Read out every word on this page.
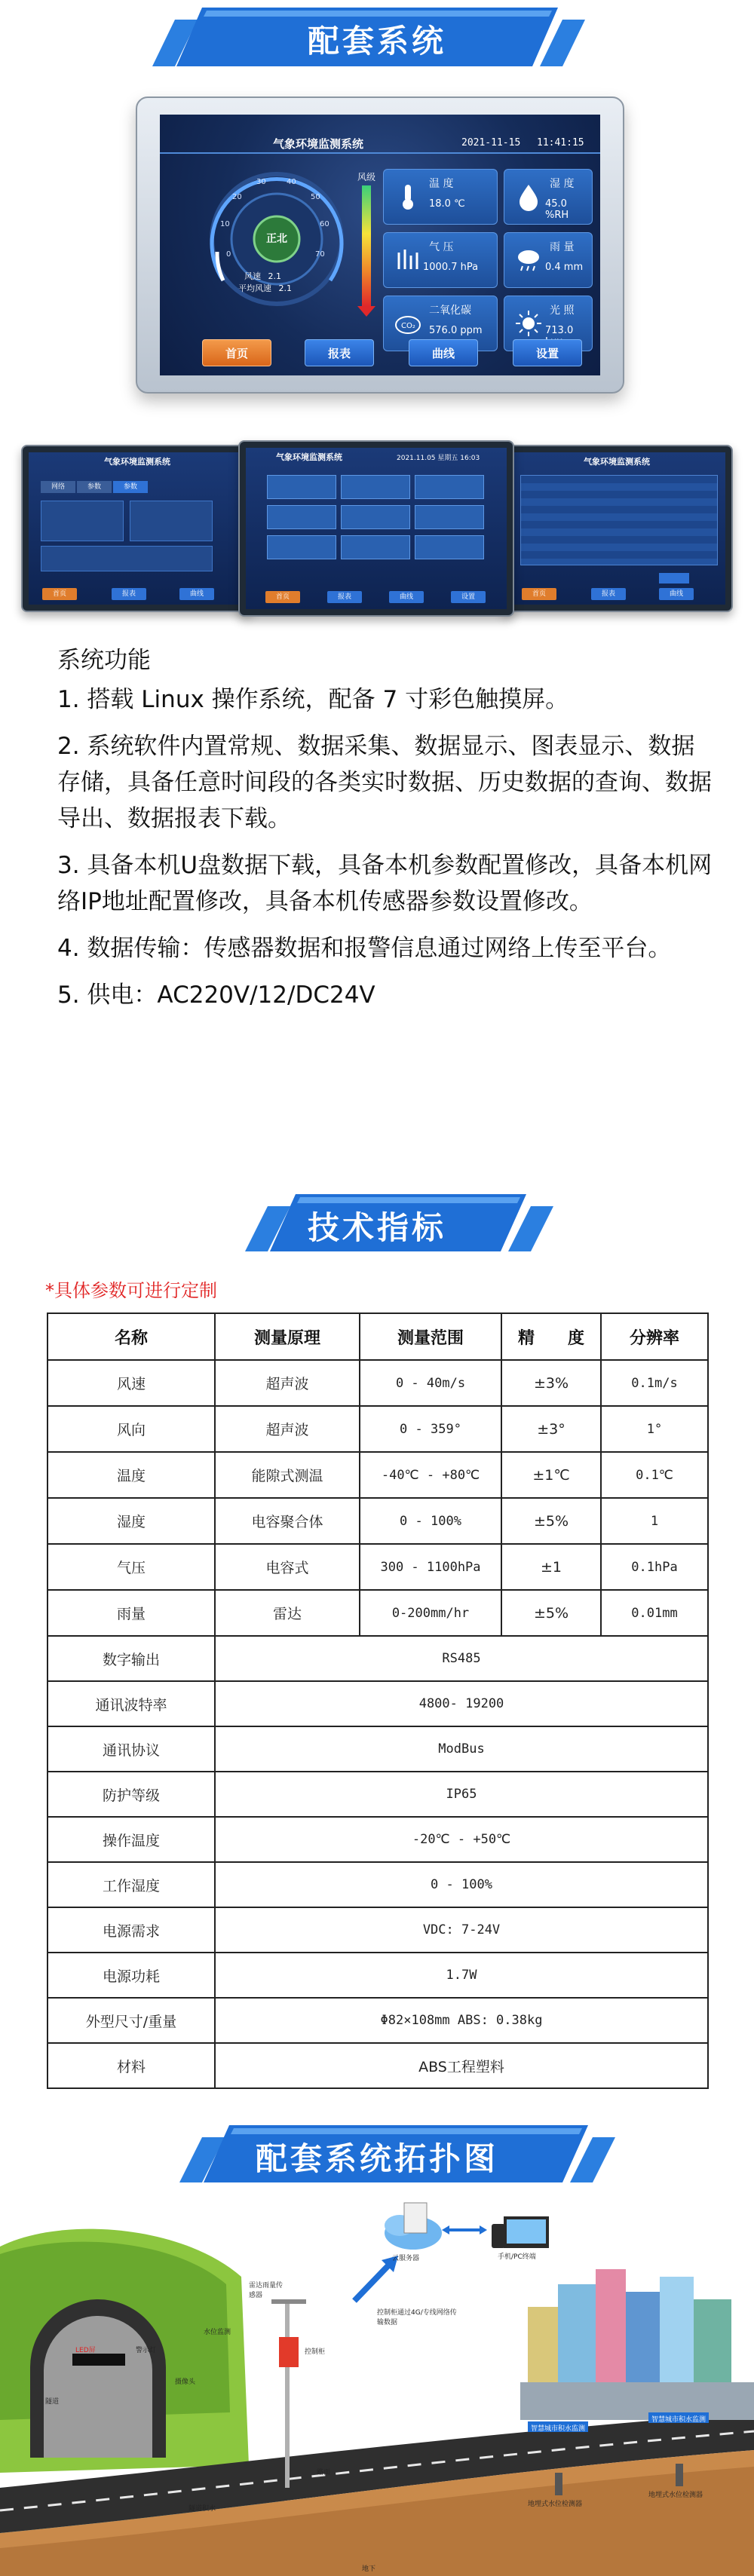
配套系统
气象环境监测系统	2021-11-15 11:41:15
正北
0
10
20
30	40
50
60
70
风速 2.1
平均风速 2.1
风级
温 度
18.0 ℃
湿 度
45.0 %RH
气 压
1000.7 hPa
雨 量
0.4 mm
CO₂
二氧化碳
576.0 ppm
光 照
713.0
首页	报表	曲线	设置
气象环境监测系统
网络	参数	参数
首页	报表	曲线
气象环境监测系统	2021.11.05 星期五 16:03
首页	报表	曲线	设置
气象环境监测系统
首页	报表	曲线

系统功能

1. 搭载 Linux 操作系统，配备 7 寸彩色触摸屏。

2. 系统软件内置常规、数据采集、数据显示、图表显示、数据存储，具备任意时间段的各类实时数据、历史数据的查询、数据导出、数据报表下载。

3. 具备本机U盘数据下载，具备本机参数配置修改，具备本机网络IP地址配置修改，具备本机传感器参数设置修改。

4. 数据传输：传感器数据和报警信息通过网络上传至平台。

5. 供电：AC220V/12/DC24V

技术指标
*具体参数可进行定制
名称	测量原理	测量范围	精　　度	分辨率
风速	超声波	0 - 40m/s	±3%	0.1m/s
风向	超声波	0 - 359°	±3°	1°
温度	能隙式测温	-40℃ - +80℃	±1℃	0.1℃
湿度	电容聚合体	0 - 100%	±5%	1
气压	电容式	300 - 1100hPa	±1	0.1hPa
雨量	雷达	0-200mm/hr	±5%	0.01mm
数字输出	RS485			
通讯波特率	4800- 19200			
通讯协议	ModBus			
防护等级	IP65			
操作温度	-20℃ - +50℃			
工作湿度	0 - 100%			
电源需求	VDC: 7-24V			
电源功耗	1.7W			
外型尺寸/重量	Φ82×108mm ABS: 0.38kg			
材料	ABS工程塑料			
配套系统拓扑图
云服务器	手机/PC终端
控制柜通过4G/专线网络传输数据
控制柜
雷达雨量传感器
水位监测
LED屏	警示灯
摄像头
隧道
路面
地下
隧道积水
智慧城市积水监测
智慧城市积水监测
地埋式水位检测器
地埋式水位检测器
